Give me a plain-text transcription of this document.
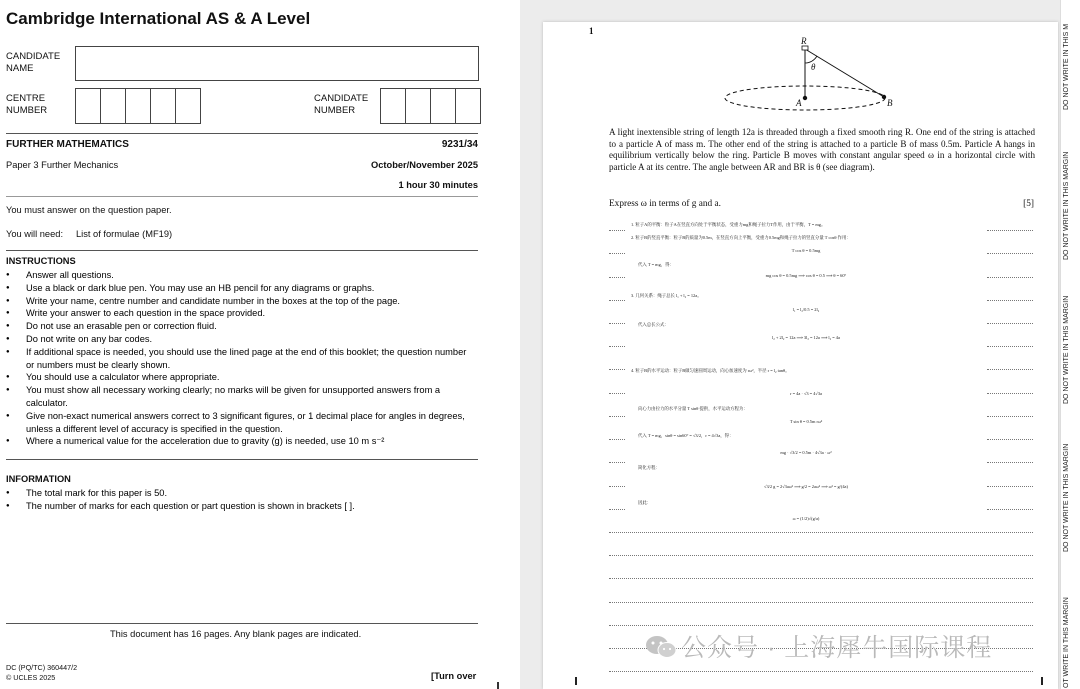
Cambridge International AS & A Level
CANDIDATE
NAME
CENTRE
NUMBER
CANDIDATE
NUMBER
FURTHER MATHEMATICS	9231/34
Paper 3 Further Mechanics	October/November 2025
1 hour 30 minutes
You must answer on the question paper.
You will need: List of formulae (MF19)
INSTRUCTIONS
● Answer all questions.
● Use a black or dark blue pen. You may use an HB pencil for any diagrams or graphs.
● Write your name, centre number and candidate number in the boxes at the top of the page.
● Write your answer to each question in the space provided.
● Do not use an erasable pen or correction fluid.
● Do not write on any bar codes.
● If additional space is needed, you should use the lined page at the end of this booklet; the question number or numbers must be clearly shown.
● You should use a calculator where appropriate.
● You must show all necessary working clearly; no marks will be given for unsupported answers from a calculator.
● Give non-exact numerical answers correct to 3 significant figures, or 1 decimal place for angles in degrees, unless a different level of accuracy is specified in the question.
● Where a numerical value for the acceleration due to gravity (g) is needed, use 10 m s⁻²
INFORMATION
● The total mark for this paper is 50.
● The number of marks for each question or part question is shown in brackets [ ].
This document has 16 pages. Any blank pages are indicated.
DC (PQ/TC) 360447/2
© UCLES 2025	[Turn over
1
R
θ
A	B
A light inextensible string of length 12a is threaded through a fixed smooth ring R. One end of the string is attached to a particle A of mass m. The other end of the string is attached to a particle B of mass 0.5m. Particle A hangs in equilibrium vertically below the ring. Particle B moves with constant angular speed ω in a horizontal circle with particle A at its centre. The angle between AR and BR is θ (see diagram).
Express ω in terms of g and a.	[5]
1. 粒子A的平衡：粒子A在竖直方向处于平衡状态，受重力mg和绳子拉力T作用，由于平衡，T = mg。
2. 粒子B的竖直平衡：粒子B的质量为0.5m，在竖直方向上平衡，受重力0.5mg和绳子拉力的竖直分量 T cosθ 作用：
T cos θ = 0.5mg
代入 T = mg，得：
mg cos θ = 0.5mg ⟹ cos θ = 0.5 ⟹ θ = 60°
3. 几何关系：绳子总长 l₁ + l₂ = 12a。
l₁ = l₂/0.5 = 2l₂
代入总长公式：
l₂ + 2l₂ = 12a ⟹ 3l₂ = 12a ⟹ l₂ = 4a
4. 粒子B的水平运动：粒子B做匀速圆周运动，向心加速度为 rω²，半径 r = l₂ tanθ。
r = 4a · √3 = 4√3a
向心力由拉力的水平分量 T sinθ 提供，水平运动方程为：
T sin θ = 0.5m rω²
代入 T = mg，sinθ = sin60° = √3/2，r = 4√3a，得：
mg · √3/2 = 0.5m · 4√3a · ω²
简化方程：
√3/2 g = 2√3aω² ⟹ g/2 = 2aω² ⟹ ω² = g/(4a)
因此：
ω = (1/2)√(g/a)
DO NOT WRITE IN THIS M
DO NOT WRITE IN THIS MARGIN
DO NOT WRITE IN THIS MARGIN
DO NOT WRITE IN THIS MARGIN
OT WRITE IN THIS MARGIN
公众号 · 上海犀牛国际课程
